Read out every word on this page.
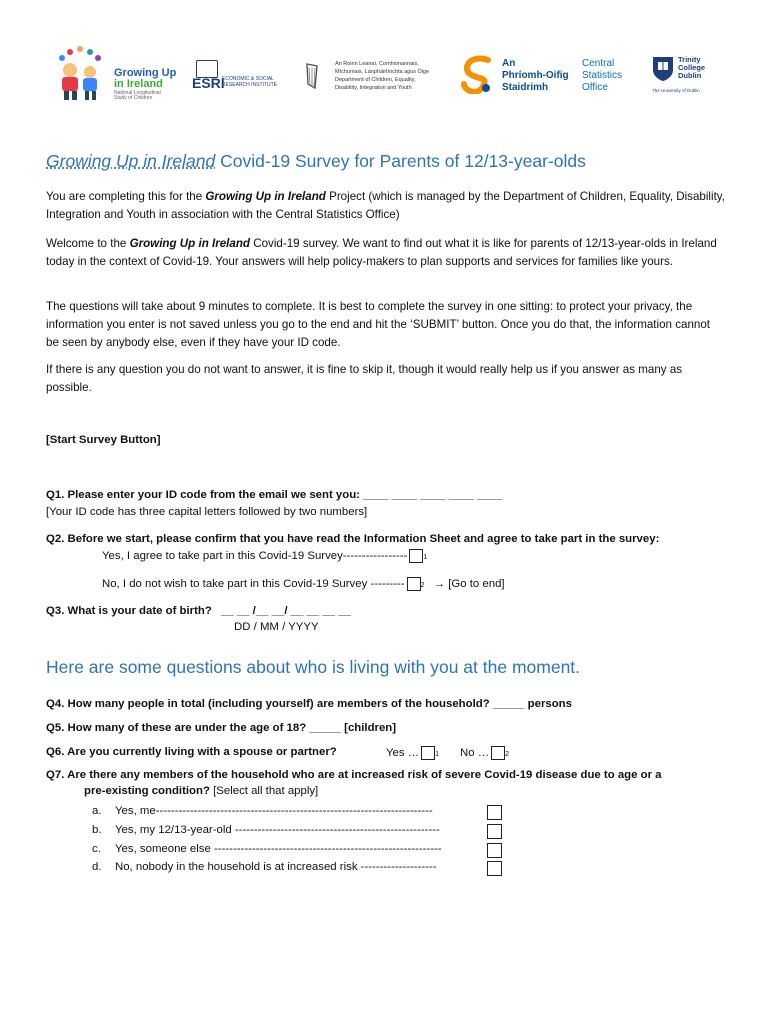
Growing Up
in Ireland
National Longitudinal
Study of Children
ESRI
ECONOMIC & SOCIAL RESEARCH INSTITUTE
An Roinn Leanaí, Comhionannais,
Míchumais, Lánpháirtíochta agus Óige
Department of Children, Equality,
Disability, Integration and Youth
An
Phríomh-Oifig
Staidrimh
Central
Statistics
Office
Trinity
College
Dublin
The University of Dublin
Growing Up in Ireland Covid-19 Survey for Parents of 12/13-year-olds
You are completing this for the Growing Up in Ireland Project (which is managed by the Department of Children, Equality, Disability, Integration and Youth in association with the Central Statistics Office)
Welcome to the Growing Up in Ireland Covid-19 survey. We want to find out what it is like for parents of 12/13-year-olds in Ireland today in the context of Covid-19. Your answers will help policy-makers to plan supports and services for families like yours.
The questions will take about 9 minutes to complete. It is best to complete the survey in one sitting: to protect your privacy, the information you enter is not saved unless you go to the end and hit the ‘SUBMIT’ button. Once you do that, the information cannot be seen by anybody else, even if they have your ID code.
If there is any question you do not want to answer, it is fine to skip it, though it would really help us if you answer as many as possible.
[Start Survey Button]
Q1. Please enter your ID code from the email we sent you: ____ ____ ____ ____ ____
[Your ID code has three capital letters followed by two numbers]
Q2. Before we start, please confirm that you have read the Information Sheet and agree to take part in the survey:
Yes, I agree to take part in this Covid-19 Survey----------------- 1
No, I do not wish to take part in this Covid-19 Survey --------- 2 → [Go to end]
Q3. What is your date of birth? __ __ /__ __/ __ __ __ __
DD / MM / YYYY
Here are some questions about who is living with you at the moment.
Q4. How many people in total (including yourself) are members of the household? _____ persons
Q5. How many of these are under the age of 18? _____ [children]
Q6. Are you currently living with a spouse or partner?	Yes … 1 No … 2
Q7. Are there any members of the household who are at increased risk of severe Covid-19 disease due to age or a
pre-existing condition? [Select all that apply]
a. Yes, me-------------------------------------------------------------------------
b. Yes, my 12/13-year-old ------------------------------------------------------
c. Yes, someone else ------------------------------------------------------------
d. No, nobody in the household is at increased risk --------------------
